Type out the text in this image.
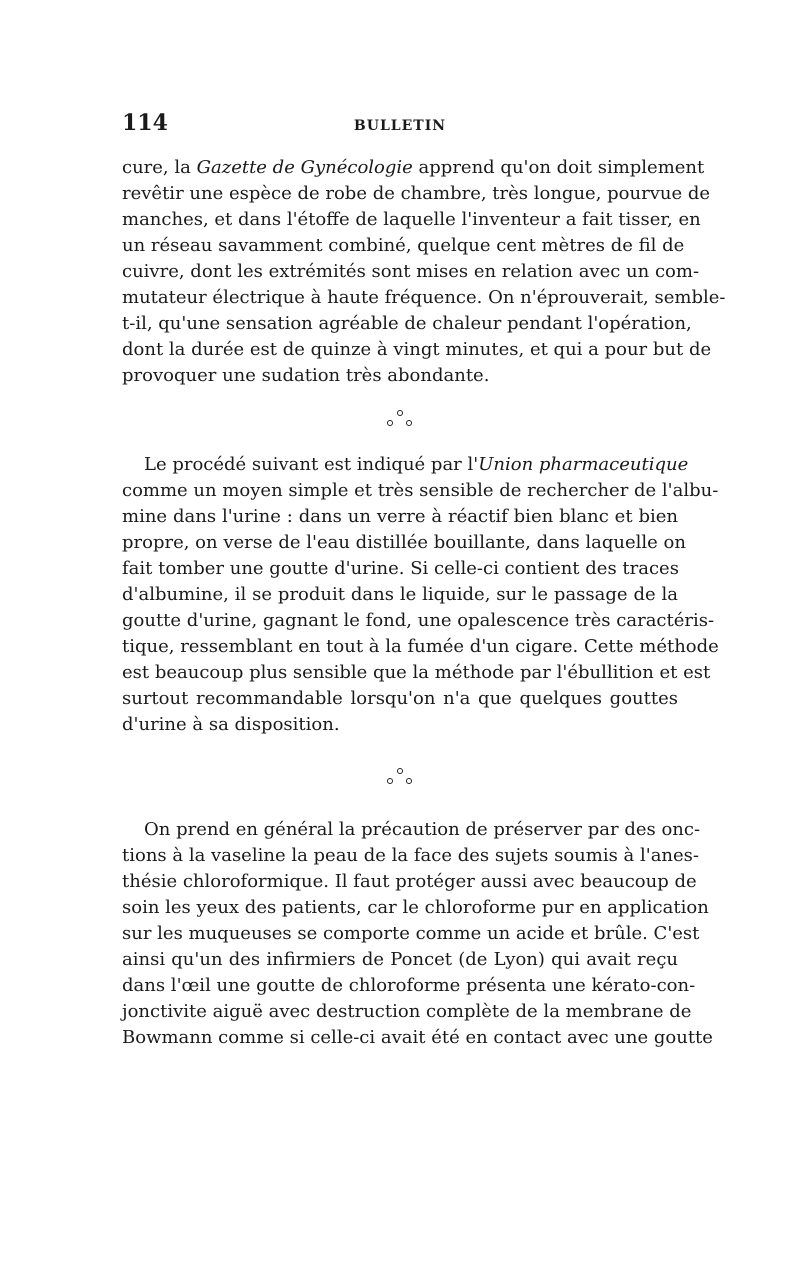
114	BULLETIN
cure, la Gazette de Gynécologie apprend qu'on doit simplement
revêtir une espèce de robe de chambre, très longue, pourvue de
manches, et dans l'étoffe de laquelle l'inventeur a fait tisser, en
un réseau savamment combiné, quelque cent mètres de fil de
cuivre, dont les extrémités sont mises en relation avec un com-
mutateur électrique à haute fréquence. On n'éprouverait, semble-
t-il, qu'une sensation agréable de chaleur pendant l'opération,
dont la durée est de quinze à vingt minutes, et qui a pour but de
provoquer une sudation très abondante.
Le procédé suivant est indiqué par l'Union pharmaceutique
comme un moyen simple et très sensible de rechercher de l'albu-
mine dans l'urine : dans un verre à réactif bien blanc et bien
propre, on verse de l'eau distillée bouillante, dans laquelle on
fait tomber une goutte d'urine. Si celle-ci contient des traces
d'albumine, il se produit dans le liquide, sur le passage de la
goutte d'urine, gagnant le fond, une opalescence très caractéris-
tique, ressemblant en tout à la fumée d'un cigare. Cette méthode
est beaucoup plus sensible que la méthode par l'ébullition et est
surtout recommandable lorsqu'on n'a que quelques gouttes
d'urine à sa disposition.
On prend en général la précaution de préserver par des onc-
tions à la vaseline la peau de la face des sujets soumis à l'anes-
thésie chloroformique. Il faut protéger aussi avec beaucoup de
soin les yeux des patients, car le chloroforme pur en application
sur les muqueuses se comporte comme un acide et brûle. C'est
ainsi qu'un des infirmiers de Poncet (de Lyon) qui avait reçu
dans l'œil une goutte de chloroforme présenta une kérato-con-
jonctivite aiguë avec destruction complète de la membrane de
Bowmann comme si celle-ci avait été en contact avec une goutte
